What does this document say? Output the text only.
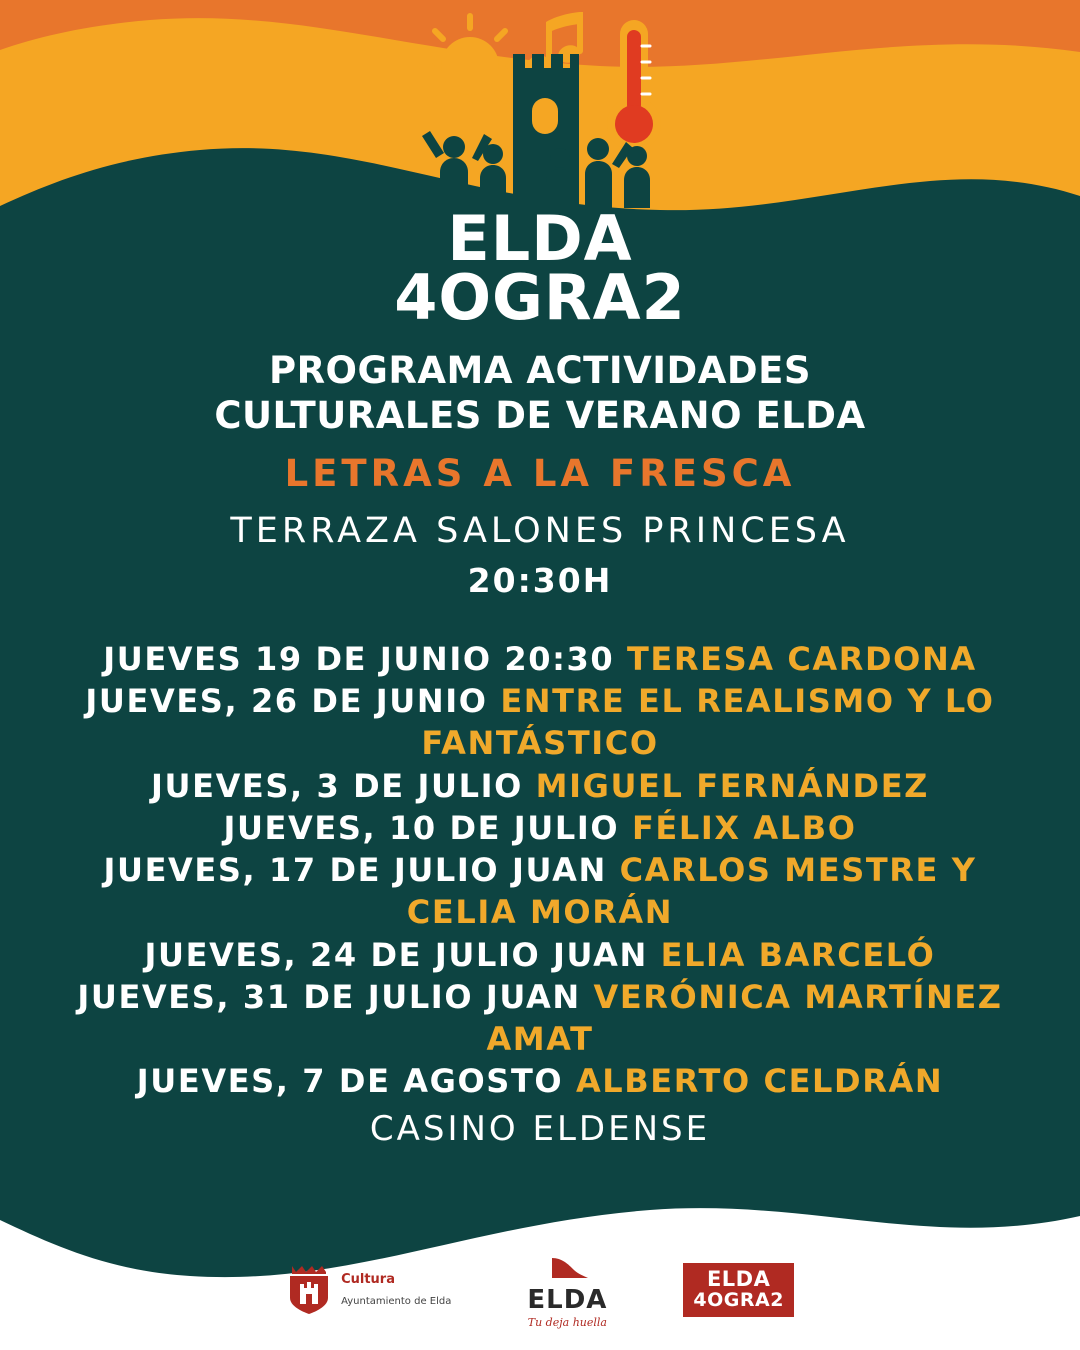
ELDA
4OGRA2
PROGRAMA ACTIVIDADES
CULTURALES DE VERANO ELDA
LETRAS A LA FRESCA
TERRAZA SALONES PRINCESA
20:30H
JUEVES 19 DE JUNIO 20:30 TERESA CARDONA
JUEVES, 26 DE JUNIO ENTRE EL REALISMO Y LO FANTÁSTICO
JUEVES, 3 DE JULIO MIGUEL FERNÁNDEZ
JUEVES, 10 DE JULIO FÉLIX ALBO
JUEVES, 17 DE JULIO JUAN CARLOS MESTRE Y CELIA MORÁN
JUEVES, 24 DE JULIO JUAN ELIA BARCELÓ
JUEVES, 31 DE JULIO JUAN VERÓNICA MARTÍNEZ AMAT
JUEVES, 7 DE AGOSTO ALBERTO CELDRÁN
CASINO ELDENSE
Cultura
Ayuntamiento de Elda	ELDA
Tu deja huella
ELDA
4OGRA2
